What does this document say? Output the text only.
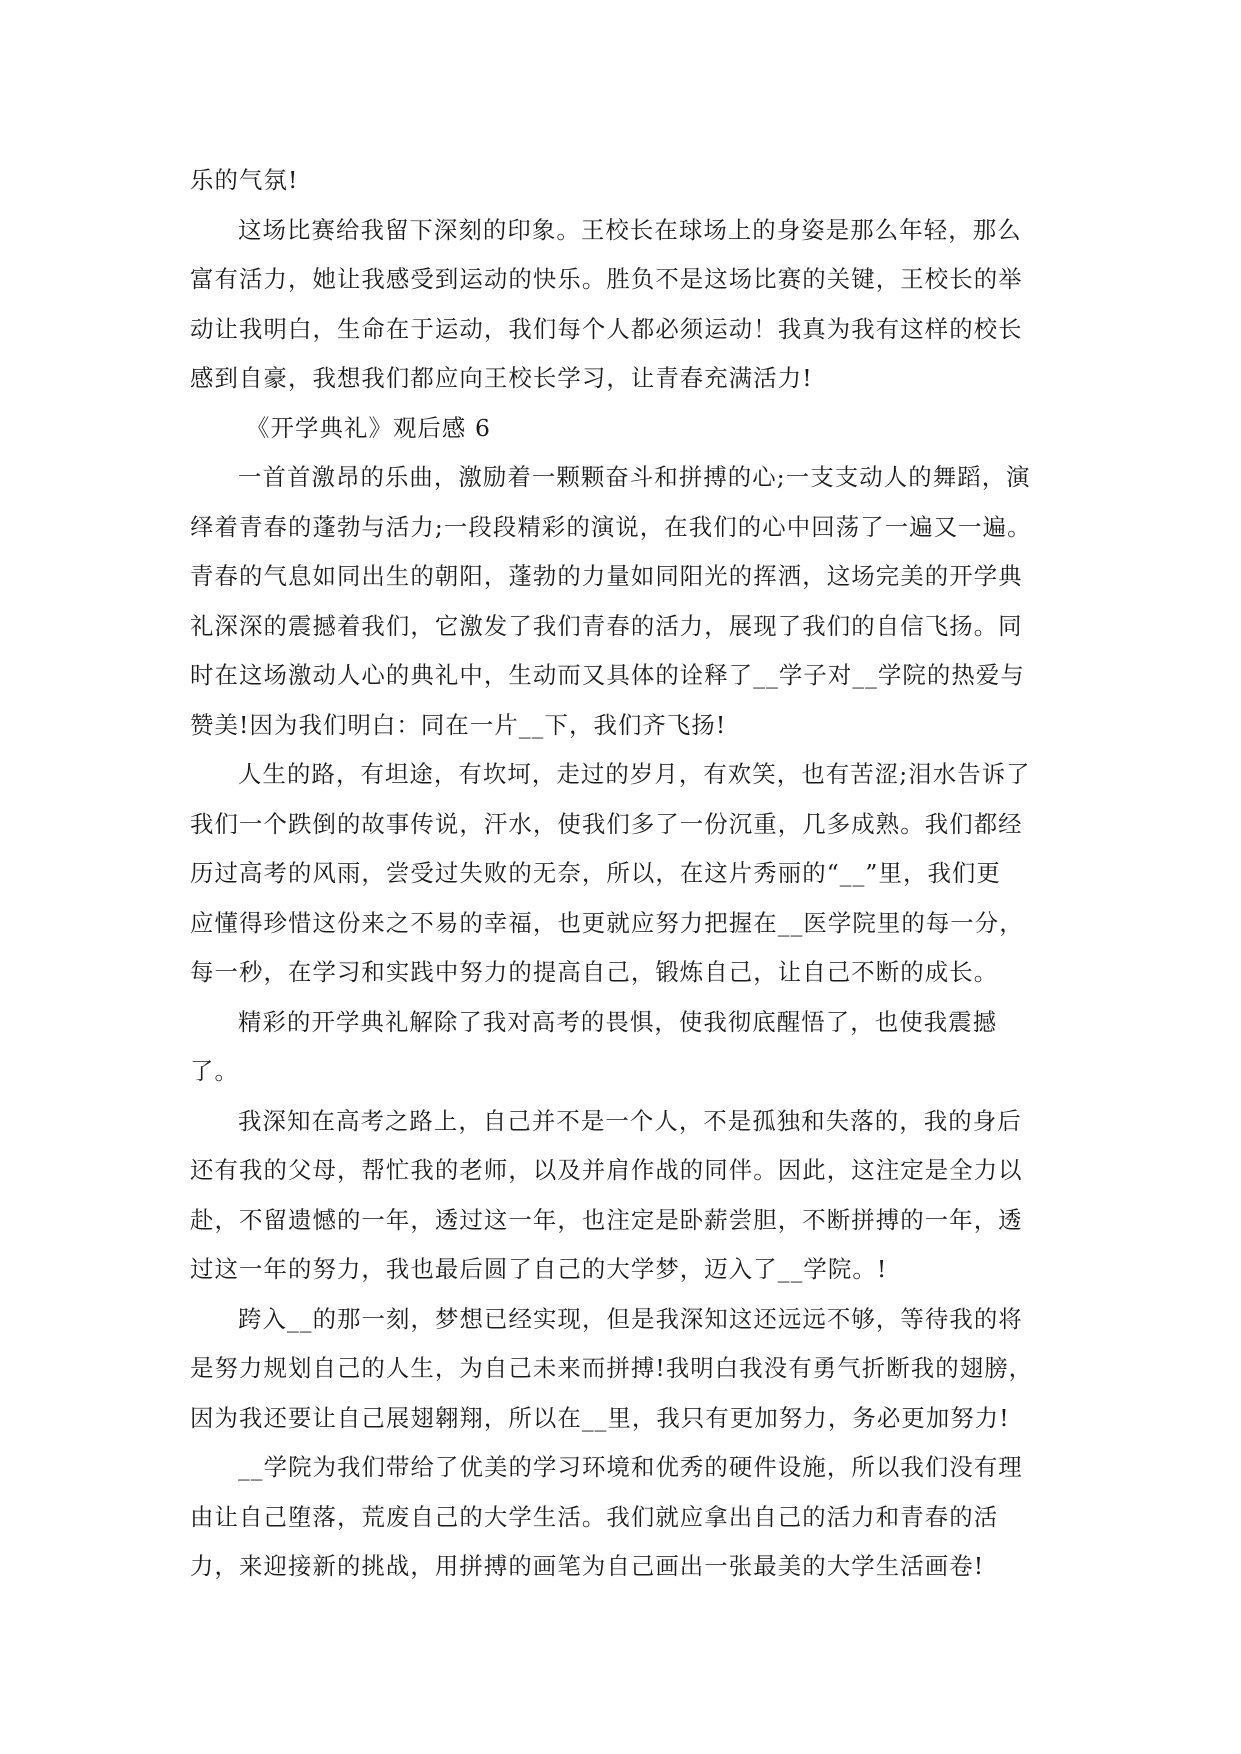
乐的气氛!
这场比赛给我留下深刻的印象。王校长在球场上的身姿是那么年轻，那么
富有活力，她让我感受到运动的快乐。胜负不是这场比赛的关键，王校长的举
动让我明白，生命在于运动，我们每个人都必须运动！我真为我有这样的校长
感到自豪，我想我们都应向王校长学习，让青春充满活力!
《开学典礼》观后感 6
一首首激昂的乐曲，激励着一颗颗奋斗和拼搏的心;一支支动人的舞蹈，演
绎着青春的蓬勃与活力;一段段精彩的演说，在我们的心中回荡了一遍又一遍。
青春的气息如同出生的朝阳，蓬勃的力量如同阳光的挥洒，这场完美的开学典
礼深深的震撼着我们，它激发了我们青春的活力，展现了我们的自信飞扬。同
时在这场激动人心的典礼中，生动而又具体的诠释了__学子对__学院的热爱与
赞美!因为我们明白：同在一片__下，我们齐飞扬!
人生的路，有坦途，有坎坷，走过的岁月，有欢笑，也有苦涩;泪水告诉了
我们一个跌倒的故事传说，汗水，使我们多了一份沉重，几多成熟。我们都经
历过高考的风雨，尝受过失败的无奈，所以，在这片秀丽的“__”里，我们更
应懂得珍惜这份来之不易的幸福，也更就应努力把握在__医学院里的每一分，
每一秒，在学习和实践中努力的提高自己，锻炼自己，让自己不断的成长。
精彩的开学典礼解除了我对高考的畏惧，使我彻底醒悟了，也使我震撼
了。
我深知在高考之路上，自己并不是一个人，不是孤独和失落的，我的身后
还有我的父母，帮忙我的老师，以及并肩作战的同伴。因此，这注定是全力以
赴，不留遗憾的一年，透过这一年，也注定是卧薪尝胆，不断拼搏的一年，透
过这一年的努力，我也最后圆了自己的大学梦，迈入了__学院。!
跨入__的那一刻，梦想已经实现，但是我深知这还远远不够，等待我的将
是努力规划自己的人生，为自己未来而拼搏!我明白我没有勇气折断我的翅膀，
因为我还要让自己展翅翱翔，所以在__里，我只有更加努力，务必更加努力!
__学院为我们带给了优美的学习环境和优秀的硬件设施，所以我们没有理
由让自己堕落，荒废自己的大学生活。我们就应拿出自己的活力和青春的活
力，来迎接新的挑战，用拼搏的画笔为自己画出一张最美的大学生活画卷!
